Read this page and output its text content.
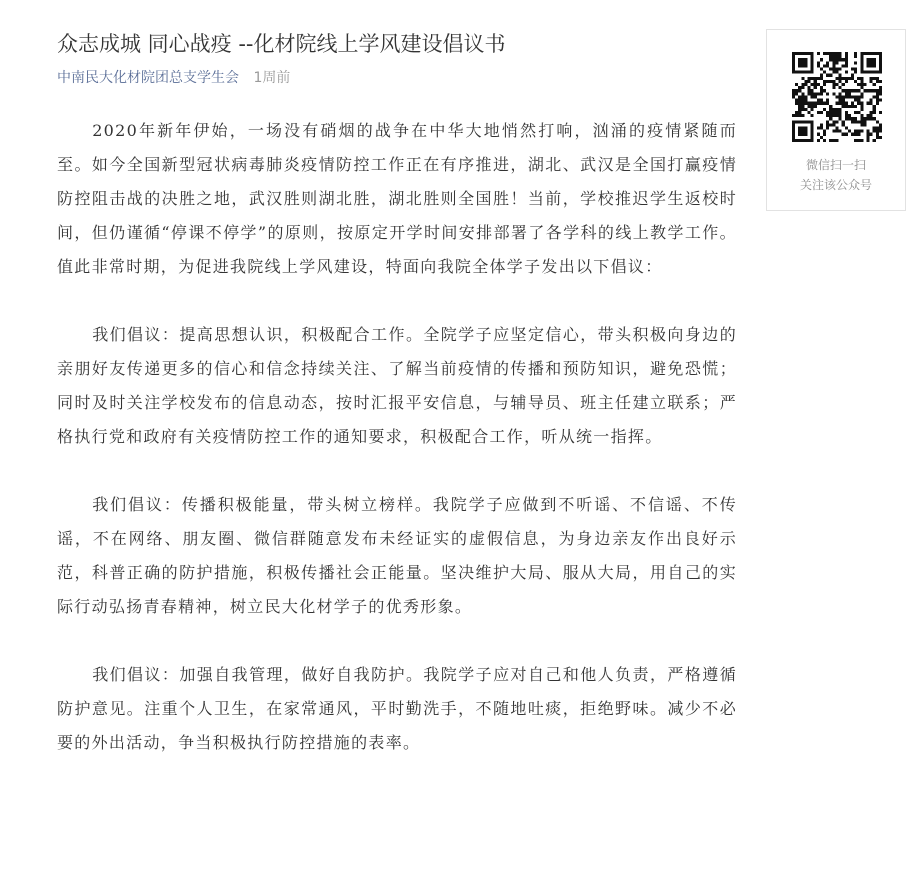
众志成城 同心战疫 --化材院线上学风建设倡议书
中南民大化材院团总支学生会 1周前

2020年新年伊始，一场没有硝烟的战争在中华大地悄然打响，汹涌的疫情紧随而至。如今全国新型冠状病毒肺炎疫情防控工作正在有序推进，湖北、武汉是全国打赢疫情防控阻击战的决胜之地，武汉胜则湖北胜，湖北胜则全国胜！当前，学校推迟学生返校时间，但仍谨循“停课不停学”的原则，按原定开学时间安排部署了各学科的线上教学工作。值此非常时期，为促进我院线上学风建设，特面向我院全体学子发出以下倡议：

我们倡议：提高思想认识，积极配合工作。全院学子应坚定信心，带头积极向身边的亲朋好友传递更多的信心和信念持续关注、了解当前疫情的传播和预防知识，避免恐慌；同时及时关注学校发布的信息动态，按时汇报平安信息，与辅导员、班主任建立联系；严格执行党和政府有关疫情防控工作的通知要求，积极配合工作，听从统一指挥。

我们倡议：传播积极能量，带头树立榜样。我院学子应做到不听谣、不信谣、不传谣，不在网络、朋友圈、微信群随意发布未经证实的虚假信息，为身边亲友作出良好示范，科普正确的防护措施，积极传播社会正能量。坚决维护大局、服从大局，用自己的实际行动弘扬青春精神，树立民大化材学子的优秀形象。

我们倡议：加强自我管理，做好自我防护。我院学子应对自己和他人负责，严格遵循防护意见。注重个人卫生，在家常通风，平时勤洗手，不随地吐痰，拒绝野味。减少不必要的外出活动，争当积极执行防控措施的表率。

微信扫一扫
关注该公众号
